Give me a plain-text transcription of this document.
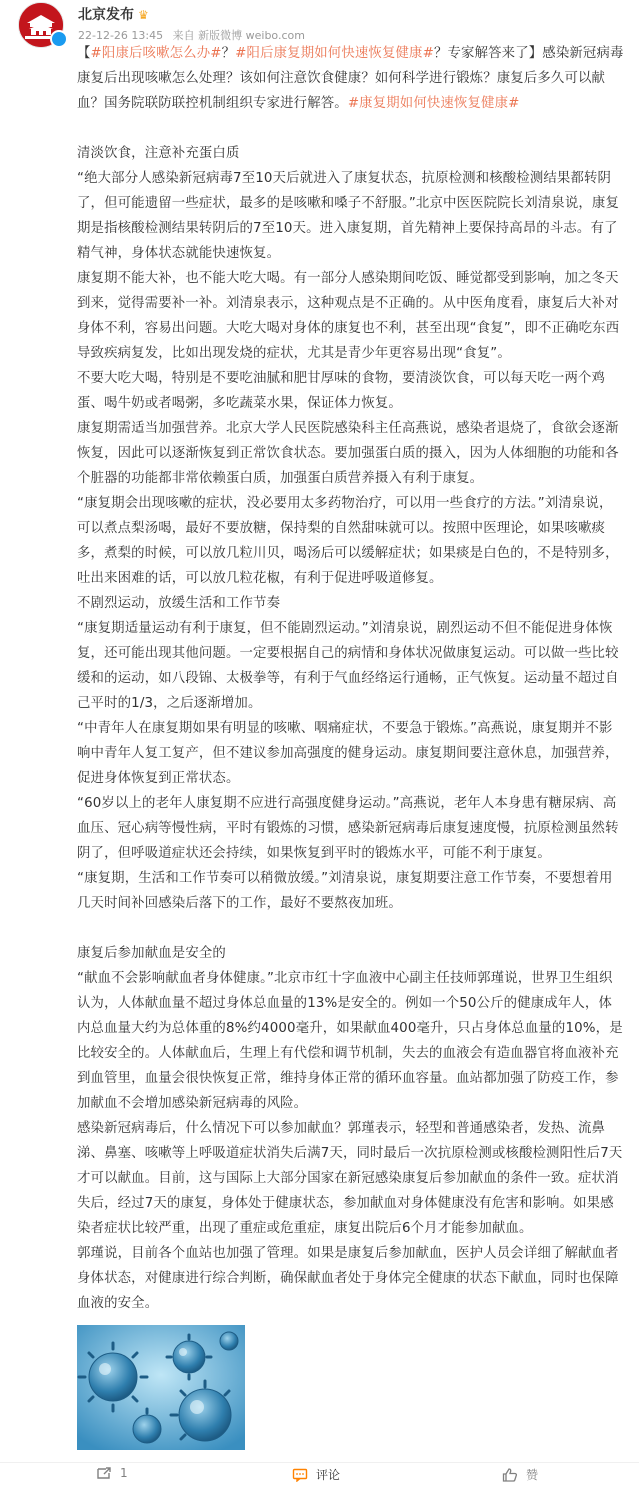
北京发布 ♛
22-12-26 13:45 来自 新版微博 weibo.com

【#阳康后咳嗽怎么办#？#阳后康复期如何快速恢复健康#？专家解答来了】感染新冠病毒康复后出现咳嗽怎么处理？该如何注意饮食健康？如何科学进行锻炼？康复后多久可以献血？国务院联防联控机制组织专家进行解答。#康复期如何快速恢复健康#

清淡饮食，注意补充蛋白质

“绝大部分人感染新冠病毒7至10天后就进入了康复状态，抗原检测和核酸检测结果都转阴了，但可能遗留一些症状，最多的是咳嗽和嗓子不舒服。”北京中医医院院长刘清泉说，康复期是指核酸检测结果转阴后的7至10天。进入康复期，首先精神上要保持高昂的斗志。有了精气神，身体状态就能快速恢复。

康复期不能大补，也不能大吃大喝。有一部分人感染期间吃饭、睡觉都受到影响，加之冬天到来，觉得需要补一补。刘清泉表示，这种观点是不正确的。从中医角度看，康复后大补对身体不利，容易出问题。大吃大喝对身体的康复也不利，甚至出现“食复”，即不正确吃东西导致疾病复发，比如出现发烧的症状，尤其是青少年更容易出现“食复”。

不要大吃大喝，特别是不要吃油腻和肥甘厚味的食物，要清淡饮食，可以每天吃一两个鸡蛋、喝牛奶或者喝粥，多吃蔬菜水果，保证体力恢复。

康复期需适当加强营养。北京大学人民医院感染科主任高燕说，感染者退烧了，食欲会逐渐恢复，因此可以逐渐恢复到正常饮食状态。要加强蛋白质的摄入，因为人体细胞的功能和各个脏器的功能都非常依赖蛋白质，加强蛋白质营养摄入有利于康复。

“康复期会出现咳嗽的症状，没必要用太多药物治疗，可以用一些食疗的方法。”刘清泉说，可以煮点梨汤喝，最好不要放糖，保持梨的自然甜味就可以。按照中医理论，如果咳嗽痰多，煮梨的时候，可以放几粒川贝，喝汤后可以缓解症状；如果痰是白色的，不是特别多，吐出来困难的话，可以放几粒花椒，有利于促进呼吸道修复。

不剧烈运动，放缓生活和工作节奏

“康复期适量运动有利于康复，但不能剧烈运动。”刘清泉说，剧烈运动不但不能促进身体恢复，还可能出现其他问题。一定要根据自己的病情和身体状况做康复运动。可以做一些比较缓和的运动，如八段锦、太极拳等，有利于气血经络运行通畅，正气恢复。运动量不超过自己平时的1/3，之后逐渐增加。

“中青年人在康复期如果有明显的咳嗽、咽痛症状，不要急于锻炼。”高燕说，康复期并不影响中青年人复工复产，但不建议参加高强度的健身运动。康复期间要注意休息，加强营养，促进身体恢复到正常状态。

“60岁以上的老年人康复期不应进行高强度健身运动。”高燕说，老年人本身患有糖尿病、高血压、冠心病等慢性病，平时有锻炼的习惯，感染新冠病毒后康复速度慢，抗原检测虽然转阴了，但呼吸道症状还会持续，如果恢复到平时的锻炼水平，可能不利于康复。

“康复期，生活和工作节奏可以稍微放缓。”刘清泉说，康复期要注意工作节奏，不要想着用几天时间补回感染后落下的工作，最好不要熬夜加班。

康复后参加献血是安全的

“献血不会影响献血者身体健康。”北京市红十字血液中心副主任技师郭瑾说，世界卫生组织认为，人体献血量不超过身体总血量的13%是安全的。例如一个50公斤的健康成年人，体内总血量大约为总体重的8%约4000毫升，如果献血400毫升，只占身体总血量的10%，是比较安全的。人体献血后，生理上有代偿和调节机制，失去的血液会有造血器官将血液补充到血管里，血量会很快恢复正常，维持身体正常的循环血容量。血站都加强了防疫工作，参加献血不会增加感染新冠病毒的风险。

感染新冠病毒后，什么情况下可以参加献血？郭瑾表示，轻型和普通感染者，发热、流鼻涕、鼻塞、咳嗽等上呼吸道症状消失后满7天，同时最后一次抗原检测或核酸检测阳性后7天才可以献血。目前，这与国际上大部分国家在新冠感染康复后参加献血的条件一致。症状消失后，经过7天的康复，身体处于健康状态，参加献血对身体健康没有危害和影响。如果感染者症状比较严重，出现了重症或危重症，康复出院后6个月才能参加献血。

郭瑾说，目前各个血站也加强了管理。如果是康复后参加献血，医护人员会详细了解献血者身体状态，对健康进行综合判断，确保献血者处于身体完全健康的状态下献血，同时也保障血液的安全。

1	评论	赞
